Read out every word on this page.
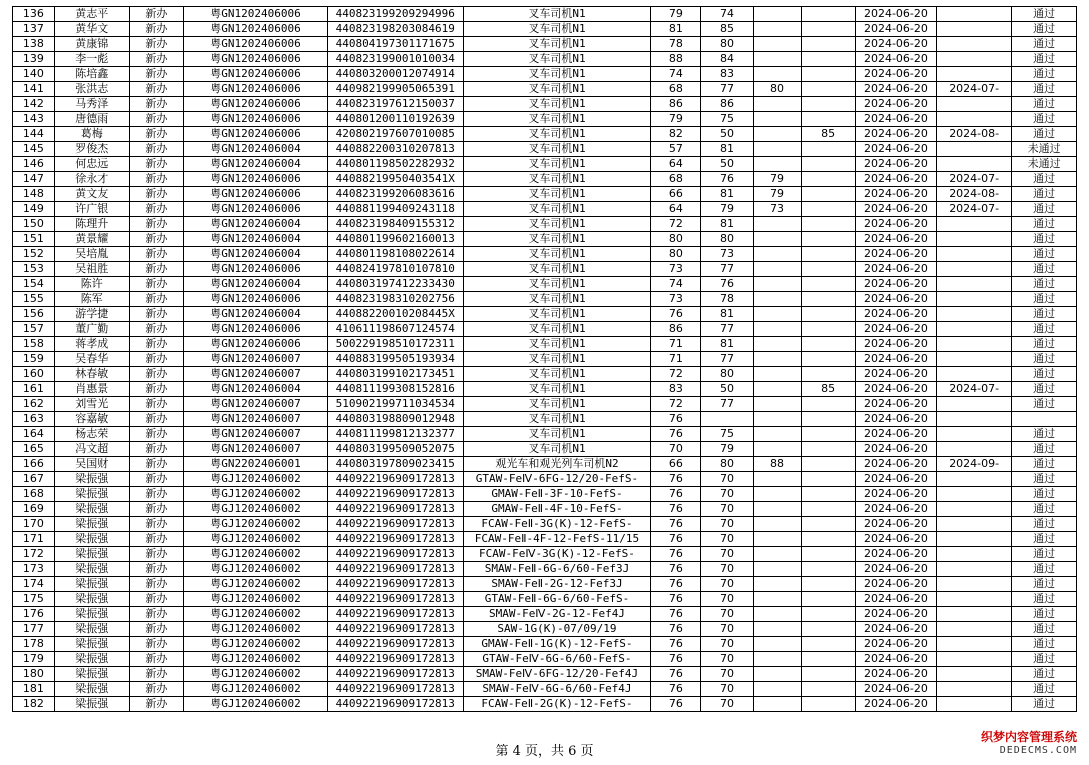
136	黄志平	新办	粤GN1202406006	440823199209294996	叉车司机N1	79	74			2024-06-20		通过
137	黄华文	新办	粤GN1202406006	440823198203084619	叉车司机N1	81	85			2024-06-20		通过
138	黄康锦	新办	粤GN1202406006	440804197301171675	叉车司机N1	78	80			2024-06-20		通过
139	李一彪	新办	粤GN1202406006	440823199001010034	叉车司机N1	88	84			2024-06-20		通过
140	陈培鑫	新办	粤GN1202406006	440803200012074914	叉车司机N1	74	83			2024-06-20		通过
141	张洪志	新办	粤GN1202406006	440982199905065391	叉车司机N1	68	77	80		2024-06-20	2024-07-	通过
142	马秀泽	新办	粤GN1202406006	440823197612150037	叉车司机N1	86	86			2024-06-20		通过
143	唐德雨	新办	粤GN1202406006	440801200110192639	叉车司机N1	79	75			2024-06-20		通过
144	葛梅	新办	粤GN1202406006	420802197607010085	叉车司机N1	82	50		85	2024-06-20	2024-08-	通过
145	罗俊杰	新办	粤GN1202406004	440882200310207813	叉车司机N1	57	81			2024-06-20		未通过
146	何忠远	新办	粤GN1202406004	440801198502282932	叉车司机N1	64	50			2024-06-20		未通过
147	徐永才	新办	粤GN1202406006	44088219950403541X	叉车司机N1	68	76	79		2024-06-20	2024-07-	通过
148	黄文友	新办	粤GN1202406006	440823199206083616	叉车司机N1	66	81	79		2024-06-20	2024-08-	通过
149	许广银	新办	粤GN1202406006	440881199409243118	叉车司机N1	64	79	73		2024-06-20	2024-07-	通过
150	陈理升	新办	粤GN1202406004	440823198409155312	叉车司机N1	72	81			2024-06-20		通过
151	黄景耀	新办	粤GN1202406004	440801199602160013	叉车司机N1	80	80			2024-06-20		通过
152	吴培胤	新办	粤GN1202406004	440801198108022614	叉车司机N1	80	73			2024-06-20		通过
153	吴祖胜	新办	粤GN1202406006	440824197810107810	叉车司机N1	73	77			2024-06-20		通过
154	陈许	新办	粤GN1202406004	440803197412233430	叉车司机N1	74	76			2024-06-20		通过
155	陈军	新办	粤GN1202406006	440823198310202756	叉车司机N1	73	78			2024-06-20		通过
156	游学捷	新办	粤GN1202406004	44088220010208445X	叉车司机N1	76	81			2024-06-20		通过
157	董广勤	新办	粤GN1202406006	410611198607124574	叉车司机N1	86	77			2024-06-20		通过
158	蒋孝成	新办	粤GN1202406006	500229198510172311	叉车司机N1	71	81			2024-06-20		通过
159	吴春华	新办	粤GN1202406007	440883199505193934	叉车司机N1	71	77			2024-06-20		通过
160	林春敏	新办	粤GN1202406007	440803199102173451	叉车司机N1	72	80			2024-06-20		通过
161	肖惠景	新办	粤GN1202406004	440811199308152816	叉车司机N1	83	50		85	2024-06-20	2024-07-	通过
162	刘雪光	新办	粤GN1202406007	510902199711034534	叉车司机N1	72	77			2024-06-20		通过
163	容嘉敏	新办	粤GN1202406007	440803198809012948	叉车司机N1	76				2024-06-20		
164	杨志荣	新办	粤GN1202406007	440811199812132377	叉车司机N1	76	75			2024-06-20		通过
165	冯文超	新办	粤GN1202406007	440803199509052075	叉车司机N1	70	79			2024-06-20		通过
166	吴国财	新办	粤GN2202406001	440803197809023415	观光车和观光列车司机N2	66	80	88		2024-06-20	2024-09-	通过
167	梁振强	新办	粤GJ1202406002	440922196909172813	GTAW-FeⅣ-6FG-12/20-FefS-	76	70			2024-06-20		通过
168	梁振强	新办	粤GJ1202406002	440922196909172813	GMAW-FeⅡ-3F-10-FefS-	76	70			2024-06-20		通过
169	梁振强	新办	粤GJ1202406002	440922196909172813	GMAW-FeⅡ-4F-10-FefS-	76	70			2024-06-20		通过
170	梁振强	新办	粤GJ1202406002	440922196909172813	FCAW-FeⅡ-3G(K)-12-FefS-	76	70			2024-06-20		通过
171	梁振强	新办	粤GJ1202406002	440922196909172813	FCAW-FeⅡ-4F-12-FefS-11/15	76	70			2024-06-20		通过
172	梁振强	新办	粤GJ1202406002	440922196909172813	FCAW-FeⅣ-3G(K)-12-FefS-	76	70			2024-06-20		通过
173	梁振强	新办	粤GJ1202406002	440922196909172813	SMAW-FeⅡ-6G-6/60-Fef3J	76	70			2024-06-20		通过
174	梁振强	新办	粤GJ1202406002	440922196909172813	SMAW-FeⅡ-2G-12-Fef3J	76	70			2024-06-20		通过
175	梁振强	新办	粤GJ1202406002	440922196909172813	GTAW-FeⅡ-6G-6/60-FefS-	76	70			2024-06-20		通过
176	梁振强	新办	粤GJ1202406002	440922196909172813	SMAW-FeⅣ-2G-12-Fef4J	76	70			2024-06-20		通过
177	梁振强	新办	粤GJ1202406002	440922196909172813	SAW-1G(K)-07/09/19	76	70			2024-06-20		通过
178	梁振强	新办	粤GJ1202406002	440922196909172813	GMAW-FeⅡ-1G(K)-12-FefS-	76	70			2024-06-20		通过
179	梁振强	新办	粤GJ1202406002	440922196909172813	GTAW-FeⅣ-6G-6/60-FefS-	76	70			2024-06-20		通过
180	梁振强	新办	粤GJ1202406002	440922196909172813	SMAW-FeⅣ-6FG-12/20-Fef4J	76	70			2024-06-20		通过
181	梁振强	新办	粤GJ1202406002	440922196909172813	SMAW-FeⅣ-6G-6/60-Fef4J	76	70			2024-06-20		通过
182	梁振强	新办	粤GJ1202406002	440922196909172813	FCAW-FeⅡ-2G(K)-12-FefS-	76	70			2024-06-20		通过
第 4 页，共 6 页
织梦内容管理系统
DEDECMS.COM
